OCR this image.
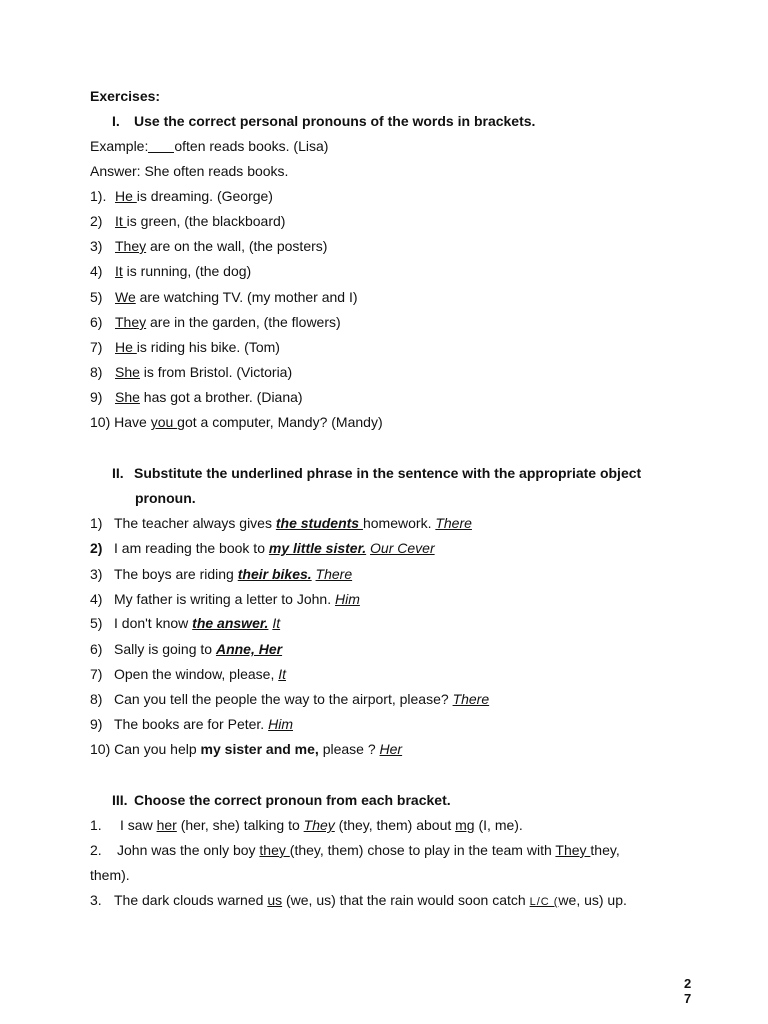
Exercises:
I. Use the correct personal pronouns of the words in brackets.
Example: often reads books. (Lisa)
Answer: She often reads books.
1). He is dreaming. (George)
2) It is green, (the blackboard)
3) They are on the wall, (the posters)
4) It is running, (the dog)
5) We are watching TV. (my mother and I)
6) They are in the garden, (the flowers)
7) He is riding his bike. (Tom)
8) She is from Bristol. (Victoria)
9) She has got a brother. (Diana)
10) Have you got a computer, Mandy? (Mandy)
II. Substitute the underlined phrase in the sentence with the appropriate object
pronoun.
1) The teacher always gives the students homework. There
2) I am reading the book to my little sister. Our Cever
3) The boys are riding their bikes. There
4) My father is writing a letter to John. Him
5) I don't know the answer. It
6) Sally is going to Anne, Her
7) Open the window, please, It
8) Can you tell the people the way to the airport, please? There
9) The books are for Peter. Him
10) Can you help my sister and me, please ? Her
III. Choose the correct pronoun from each bracket.
1. I saw her (her, she) talking to They (they, them) about mg (I, me).
2. John was the only boy they (they, them) chose to play in the team with They they,
them).
3. The dark clouds warned us (we, us) that the rain would soon catch L/C (we, us) up.
2
7
